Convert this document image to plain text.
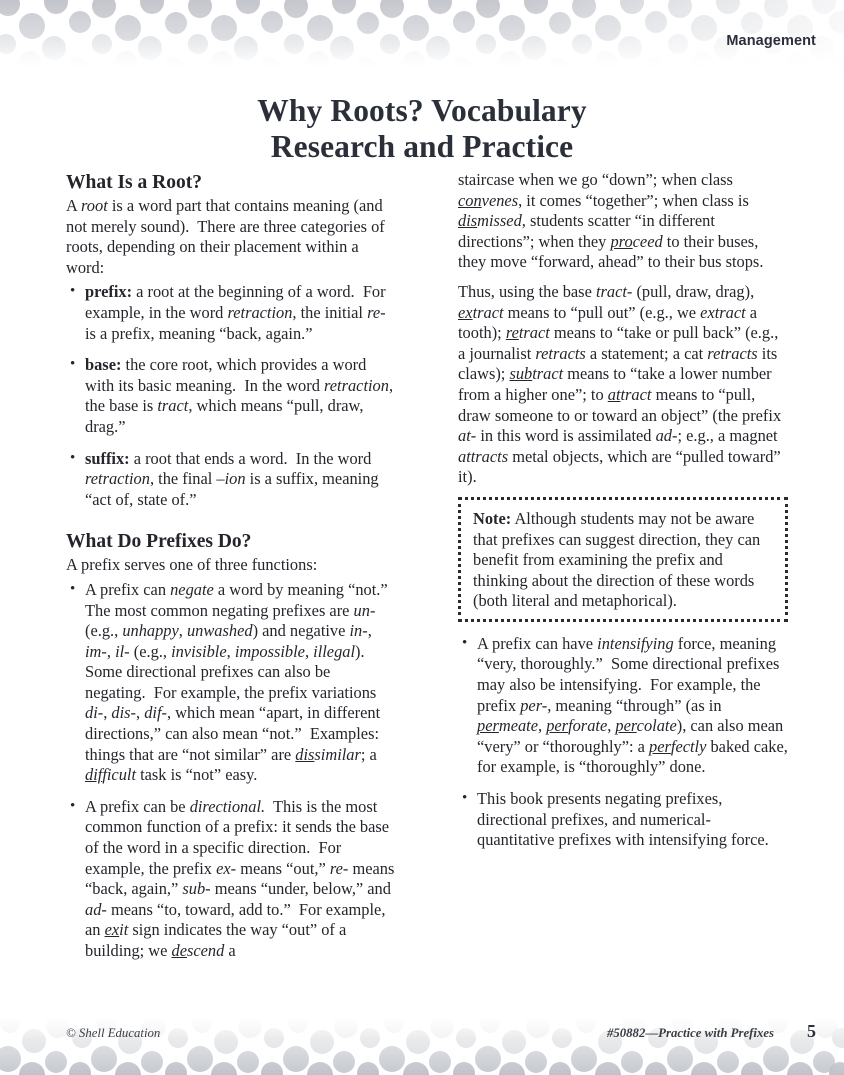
Management
Why Roots? Vocabulary
Research and Practice
What Is a Root?

A root is a word part that contains meaning (and not merely sound).  There are three categories of roots, depending on their placement within a word:

• prefix: a root at the beginning of a word.  For example, in the word retraction, the initial re- is a prefix, meaning “back, again.”
• base: the core root, which provides a word with its basic meaning.  In the word retraction, the base is tract, which means “pull, draw, drag.”
• suffix: a root that ends a word.  In the word retraction, the final –ion is a suffix, meaning “act of, state of.”
What Do Prefixes Do?

A prefix serves one of three functions:

• A prefix can negate a word by meaning “not.”  The most common negating prefixes are un- (e.g., unhappy, unwashed) and negative in-, im-, il- (e.g., invisible, impossible, illegal).  Some directional prefixes can also be negating.  For example, the prefix variations di-, dis-, dif-, which mean “apart, in different directions,” can also mean “not.”  Examples: things that are “not similar” are dissimilar; a difficult task is “not” easy.
• A prefix can be directional.  This is the most common function of a prefix: it sends the base of the word in a specific direction.  For example, the prefix ex- means “out,” re- means “back, again,” sub- means “under, below,” and ad- means “to, toward, add to.”  For example, an exit sign indicates the way “out” of a building; we descend a

staircase when we go “down”; when class convenes, it comes “together”; when class is dismissed, students scatter “in different directions”; when they proceed to their buses, they move “forward, ahead” to their bus stops.

Thus, using the base tract- (pull, draw, drag), extract means to “pull out” (e.g., we extract a tooth); retract means to “take or pull back” (e.g., a journalist retracts a statement; a cat retracts its claws); subtract means to “take a lower number from a higher one”; to attract means to “pull, draw someone to or toward an object” (the prefix at- in this word is assimilated ad-; e.g., a magnet attracts metal objects, which are “pulled toward” it).

Note: Although students may not be aware that prefixes can suggest direction, they can benefit from examining the prefix and thinking about the direction of these words (both literal and metaphorical).
• A prefix can have intensifying force, meaning “very, thoroughly.”  Some directional prefixes may also be intensifying.  For example, the prefix per-, meaning “through” (as in permeate, perforate, percolate), can also mean “very” or “thoroughly”: a perfectly baked cake, for example, is “thoroughly” done.
• This book presents negating prefixes, directional prefixes, and numerical-quantitative prefixes with intensifying force.
© Shell Education	#50882—Practice with Prefixes 5
